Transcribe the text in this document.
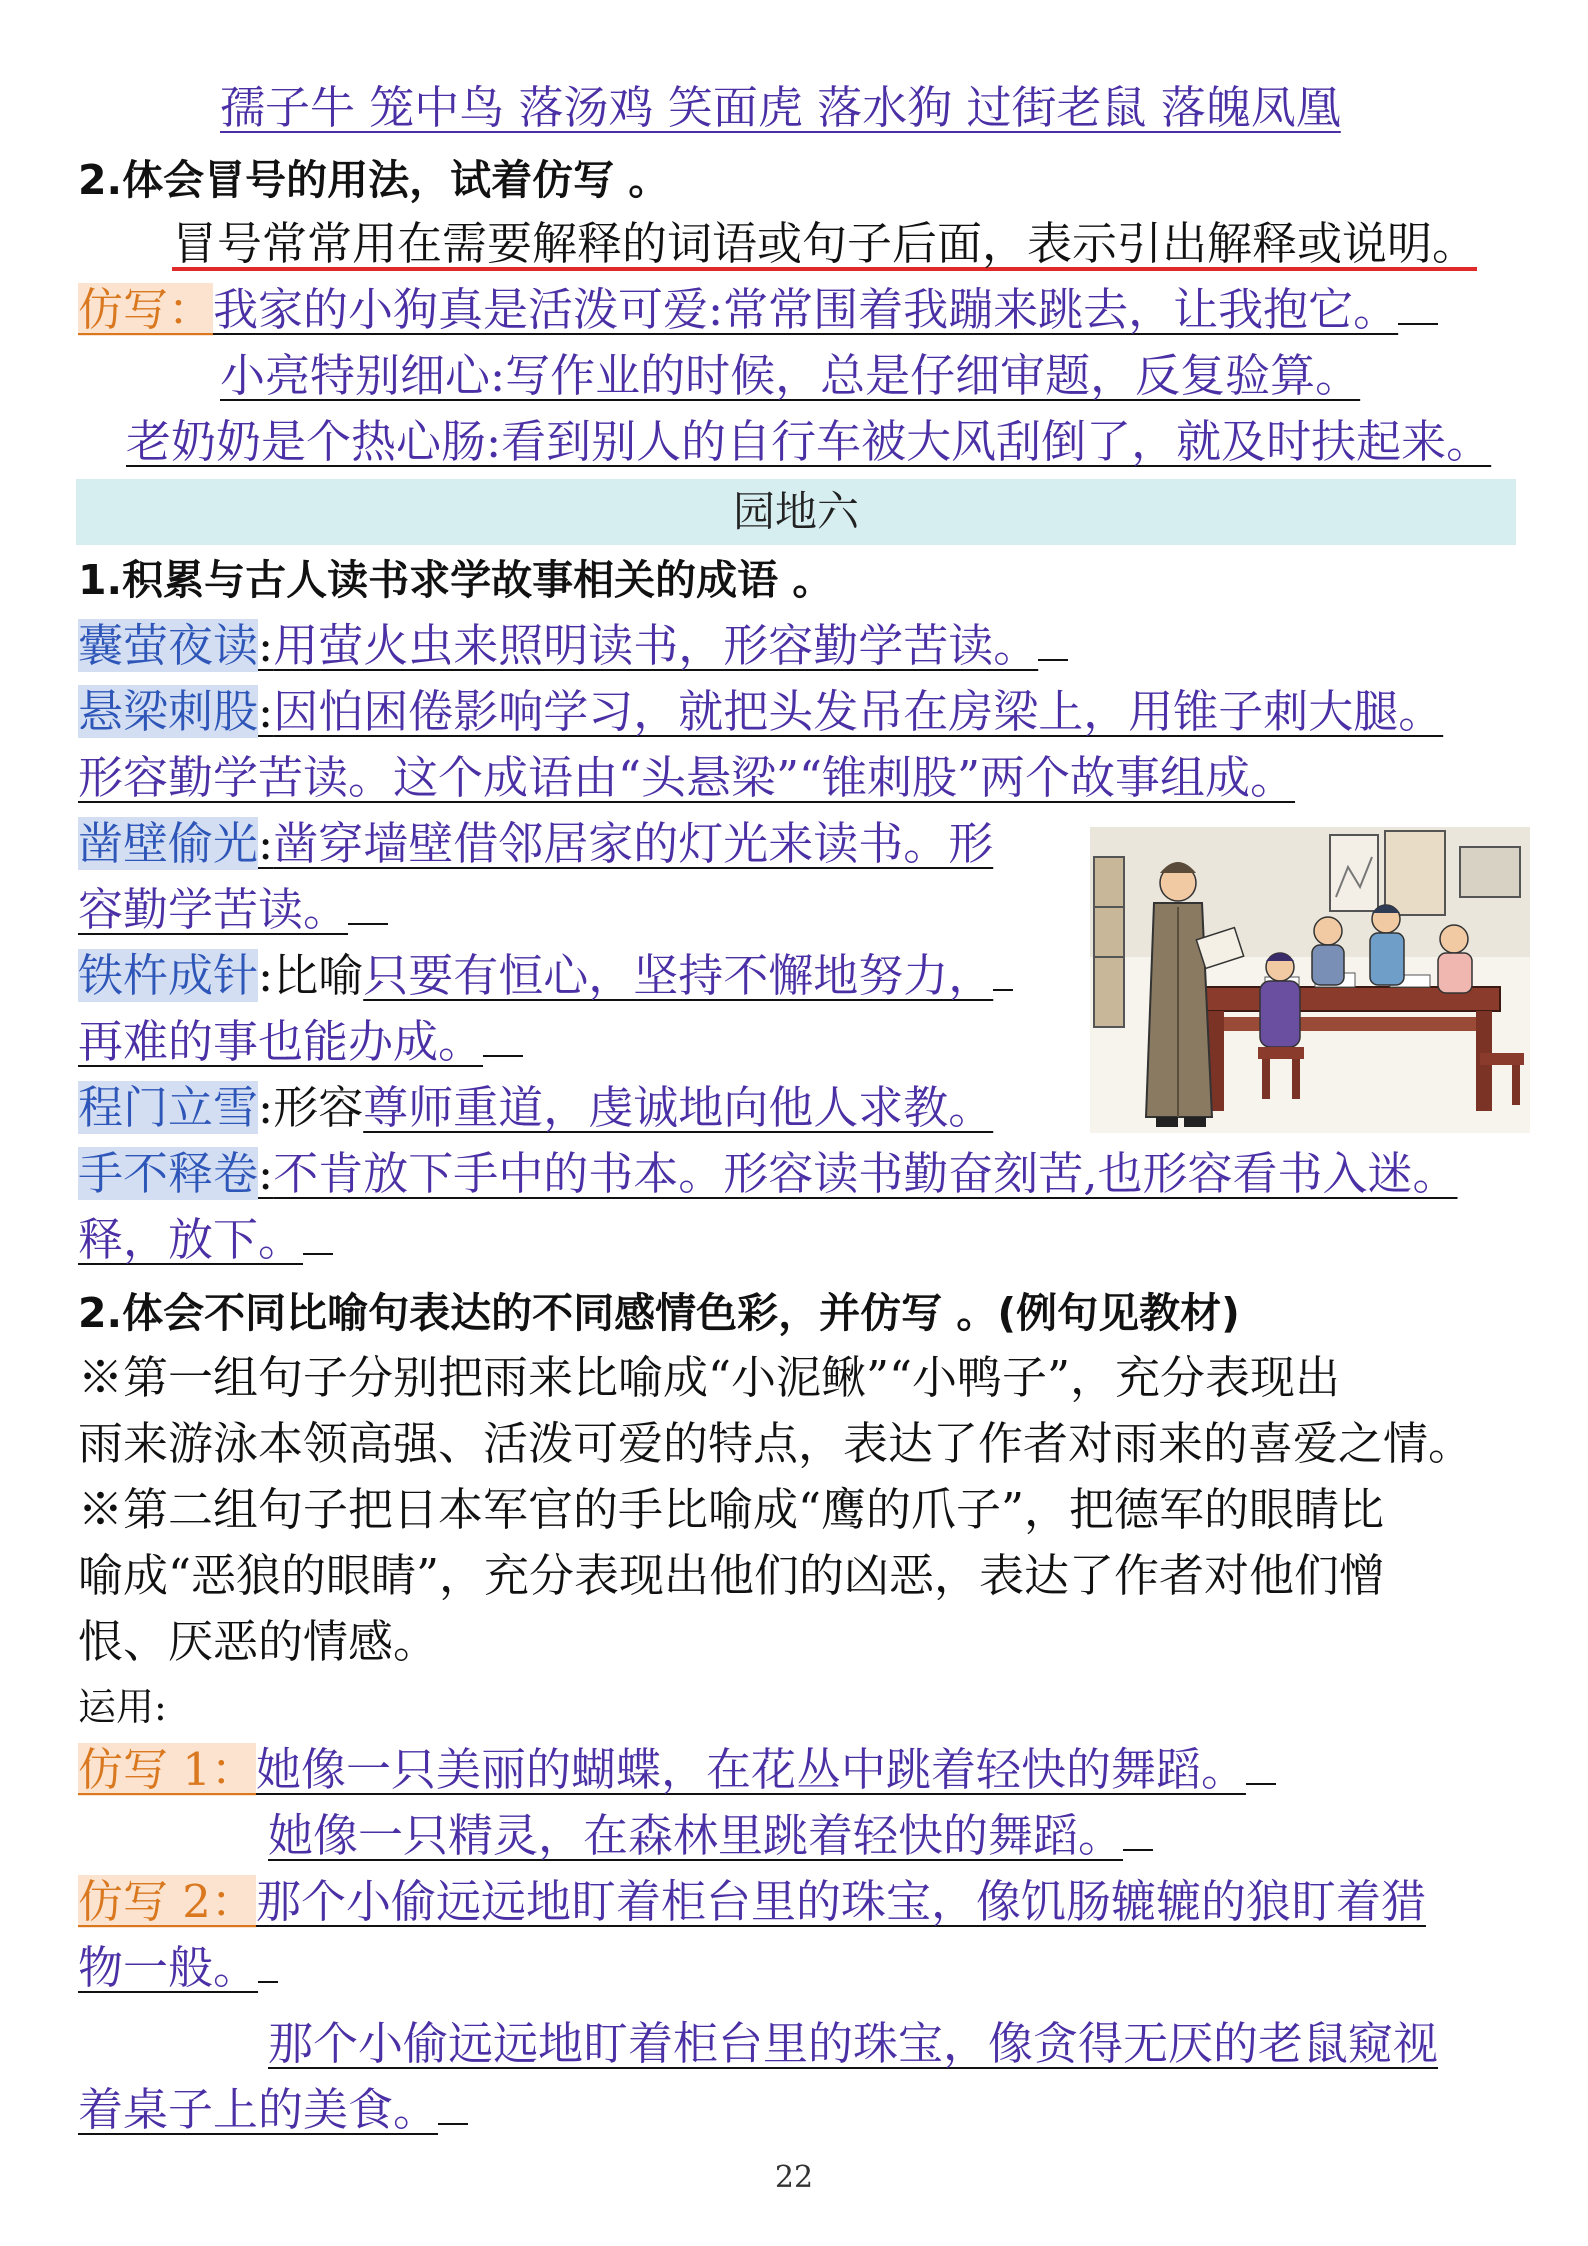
孺子牛 笼中鸟 落汤鸡 笑面虎 落水狗 过街老鼠 落魄凤凰
2.体会冒号的用法，试着仿写 。
冒号常常用在需要解释的词语或句子后面，表示引出解释或说明。
仿写：我家的小狗真是活泼可爱:常常围着我蹦来跳去，让我抱它。
小亮特别细心:写作业的时候，总是仔细审题，反复验算。
老奶奶是个热心肠:看到别人的自行车被大风刮倒了，就及时扶起来。
园地六
1.积累与古人读书求学故事相关的成语 。
囊萤夜读:用萤火虫来照明读书，形容勤学苦读。
悬梁刺股:因怕困倦影响学习，就把头发吊在房梁上，用锥子刺大腿。
形容勤学苦读。这个成语由“头悬梁”“锥刺股”两个故事组成。
凿壁偷光:凿穿墙壁借邻居家的灯光来读书。形
容勤学苦读。
铁杵成针:比喻只要有恒心，坚持不懈地努力，
再难的事也能办成。
程门立雪:形容尊师重道，虔诚地向他人求教。
手不释卷:不肯放下手中的书本。形容读书勤奋刻苦,也形容看书入迷。
释，放下。
2.体会不同比喻句表达的不同感情色彩，并仿写 。(例句见教材)
※第一组句子分别把雨来比喻成“小泥鳅”“小鸭子”，充分表现出
雨来游泳本领高强、活泼可爱的特点，表达了作者对雨来的喜爱之情。
※第二组句子把日本军官的手比喻成“鹰的爪子”，把德军的眼睛比
喻成“恶狼的眼睛”，充分表现出他们的凶恶，表达了作者对他们憎
恨、厌恶的情感。
运用:
仿写 1：她像一只美丽的蝴蝶，在花丛中跳着轻快的舞蹈。
她像一只精灵，在森林里跳着轻快的舞蹈。
仿写 2：那个小偷远远地盯着柜台里的珠宝，像饥肠辘辘的狼盯着猎
物一般。
那个小偷远远地盯着柜台里的珠宝，像贪得无厌的老鼠窥视
着桌子上的美食。
22
